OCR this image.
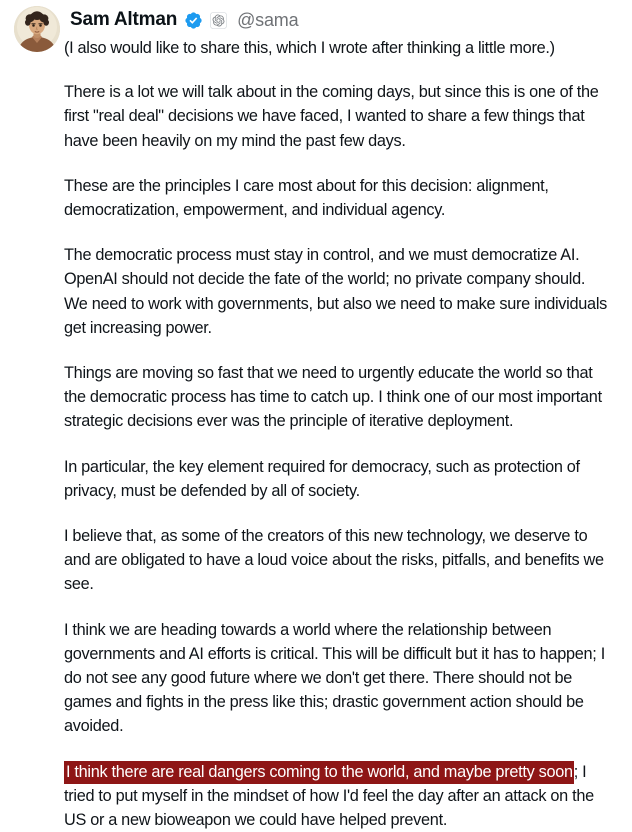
Sam Altman	@sama

(I also would like to share this, which I wrote after thinking a little more.)

There is a lot we will talk about in the coming days, but since this is one of the first "real deal" decisions we have faced, I wanted to share a few things that have been heavily on my mind the past few days.

These are the principles I care most about for this decision: alignment, democratization, empowerment, and individual agency.

The democratic process must stay in control, and we must democratize AI. OpenAI should not decide the fate of the world; no private company should. We need to work with governments, but also we need to make sure individuals get increasing power.

Things are moving so fast that we need to urgently educate the world so that the democratic process has time to catch up. I think one of our most important strategic decisions ever was the principle of iterative deployment.

In particular, the key element required for democracy, such as protection of privacy, must be defended by all of society.

I believe that, as some of the creators of this new technology, we deserve to and are obligated to have a loud voice about the risks, pitfalls, and benefits we see.

I think we are heading towards a world where the relationship between governments and AI efforts is critical. This will be difficult but it has to happen; I do not see any good future where we don't get there. There should not be games and fights in the press like this; drastic government action should be avoided.

I think there are real dangers coming to the world, and maybe pretty soon; I tried to put myself in the mindset of how I'd feel the day after an attack on the US or a new bioweapon we could have helped prevent.
